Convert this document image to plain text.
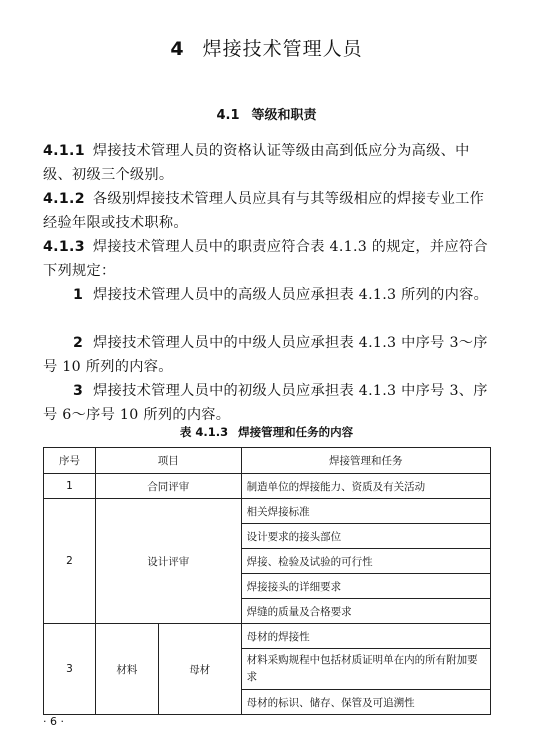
4 焊接技术管理人员
4.1 等级和职责
4.1.1 焊接技术管理人员的资格认证等级由高到低应分为高级、中级、初级三个级别。
4.1.2 各级别焊接技术管理人员应具有与其等级相应的焊接专业工作经验年限或技术职称。
4.1.3 焊接技术管理人员中的职责应符合表 4.1.3 的规定，并应符合下列规定：
1 焊接技术管理人员中的高级人员应承担表 4.1.3 所列的内容。
2 焊接技术管理人员中的中级人员应承担表 4.1.3 中序号 3～序号 10 所列的内容。
3 焊接技术管理人员中的初级人员应承担表 4.1.3 中序号 3、序号 6～序号 10 所列的内容。
表 4.1.3 焊接管理和任务的内容
序号	项目		焊接管理和任务
1	合同评审		制造单位的焊接能力、资质及有关活动
2	设计评审		相关焊接标准
			设计要求的接头部位
			焊接、检验及试验的可行性
			焊接接头的详细要求
			焊缝的质量及合格要求
3	材料	母材	母材的焊接性
			材料采购规程中包括材质证明单在内的所有附加要求
			母材的标识、储存、保管及可追溯性
· 6 ·
